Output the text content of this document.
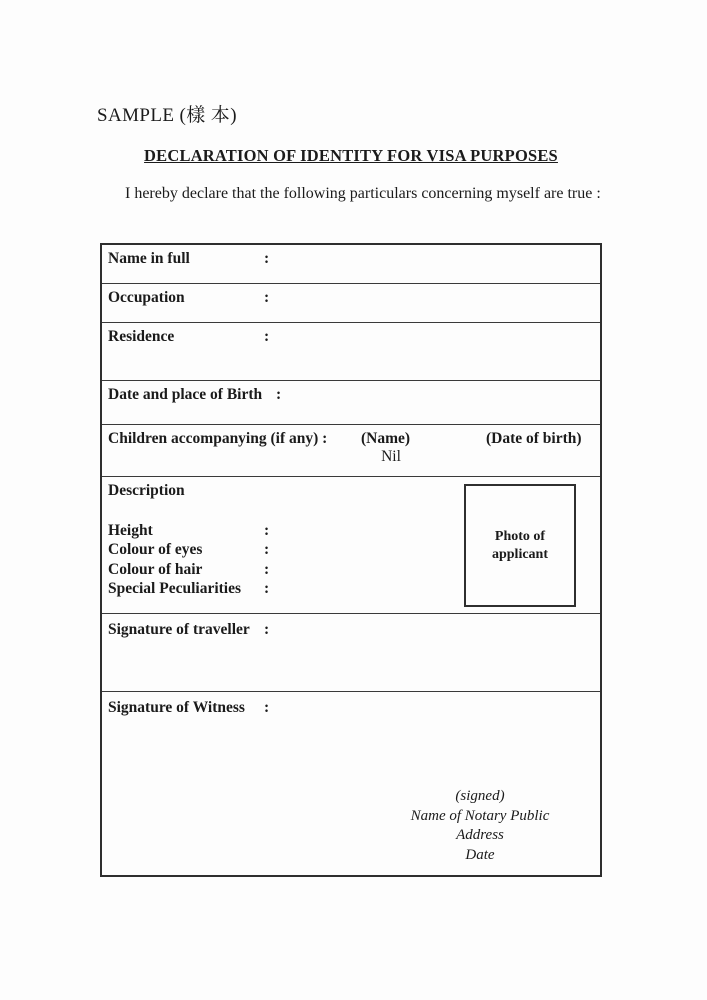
SAMPLE (樣 本)
DECLARATION OF IDENTITY FOR VISA PURPOSES

I hereby declare that the following particulars concerning myself are true :

Name in full	:
Occupation	:
Residence	:
Date and place of Birth :
Children accompanying (if any) : (Name)	(Date of birth)
Nil
Description
Height	:
Colour of eyes	:
Colour of hair	:
Special Peculiarities :
Photo of
applicant
Signature of traveller :
Signature of Witness :
(signed)
Name of Notary Public
Address
Date
